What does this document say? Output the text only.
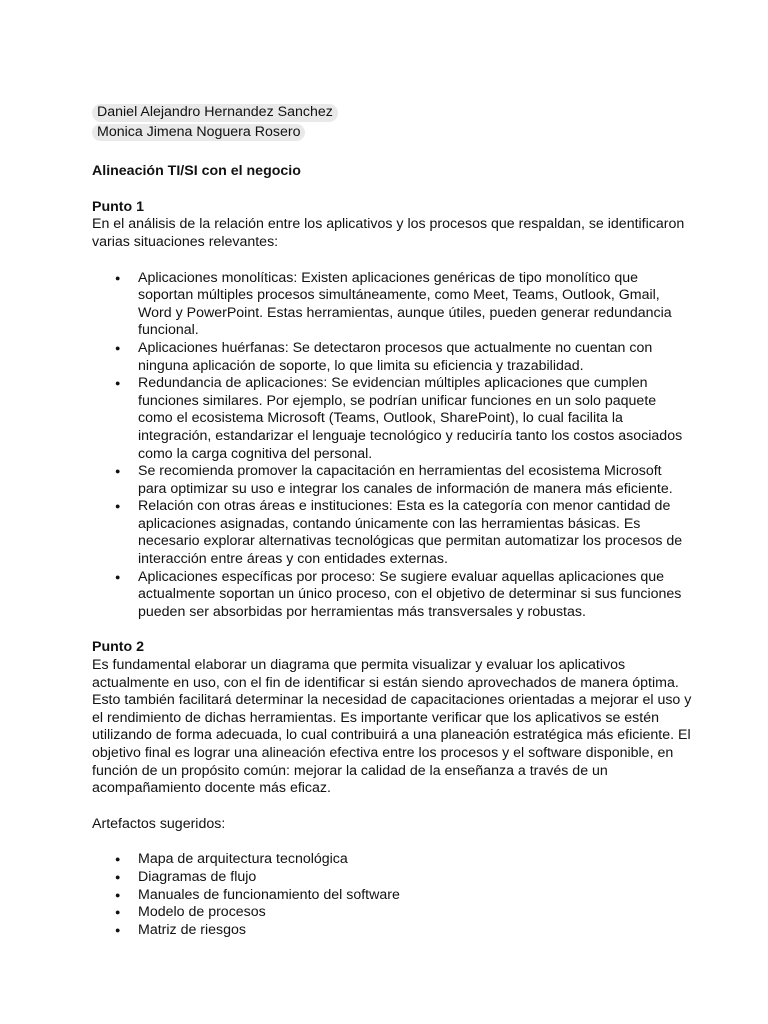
Daniel Alejandro Hernandez Sanchez
Monica Jimena Noguera Rosero
Alineación TI/SI con el negocio
Punto 1

En el análisis de la relación entre los aplicativos y los procesos que respaldan, se identificaron varias situaciones relevantes:

● Aplicaciones monolíticas: Existen aplicaciones genéricas de tipo monolítico que soportan múltiples procesos simultáneamente, como Meet, Teams, Outlook, Gmail, Word y PowerPoint. Estas herramientas, aunque útiles, pueden generar redundancia funcional.
● Aplicaciones huérfanas: Se detectaron procesos que actualmente no cuentan con ninguna aplicación de soporte, lo que limita su eficiencia y trazabilidad.
● Redundancia de aplicaciones: Se evidencian múltiples aplicaciones que cumplen funciones similares. Por ejemplo, se podrían unificar funciones en un solo paquete como el ecosistema Microsoft (Teams, Outlook, SharePoint), lo cual facilita la integración, estandarizar el lenguaje tecnológico y reduciría tanto los costos asociados como la carga cognitiva del personal.
● Se recomienda promover la capacitación en herramientas del ecosistema Microsoft para optimizar su uso e integrar los canales de información de manera más eficiente.
● Relación con otras áreas e instituciones: Esta es la categoría con menor cantidad de aplicaciones asignadas, contando únicamente con las herramientas básicas. Es necesario explorar alternativas tecnológicas que permitan automatizar los procesos de interacción entre áreas y con entidades externas.
● Aplicaciones específicas por proceso: Se sugiere evaluar aquellas aplicaciones que actualmente soportan un único proceso, con el objetivo de determinar si sus funciones pueden ser absorbidas por herramientas más transversales y robustas.
Punto 2

Es fundamental elaborar un diagrama que permita visualizar y evaluar los aplicativos actualmente en uso, con el fin de identificar si están siendo aprovechados de manera óptima. Esto también facilitará determinar la necesidad de capacitaciones orientadas a mejorar el uso y el rendimiento de dichas herramientas. Es importante verificar que los aplicativos se estén utilizando de forma adecuada, lo cual contribuirá a una planeación estratégica más eficiente. El objetivo final es lograr una alineación efectiva entre los procesos y el software disponible, en función de un propósito común: mejorar la calidad de la enseñanza a través de un acompañamiento docente más eficaz.

Artefactos sugeridos:

● Mapa de arquitectura tecnológica
● Diagramas de flujo
● Manuales de funcionamiento del software
● Modelo de procesos
● Matriz de riesgos
